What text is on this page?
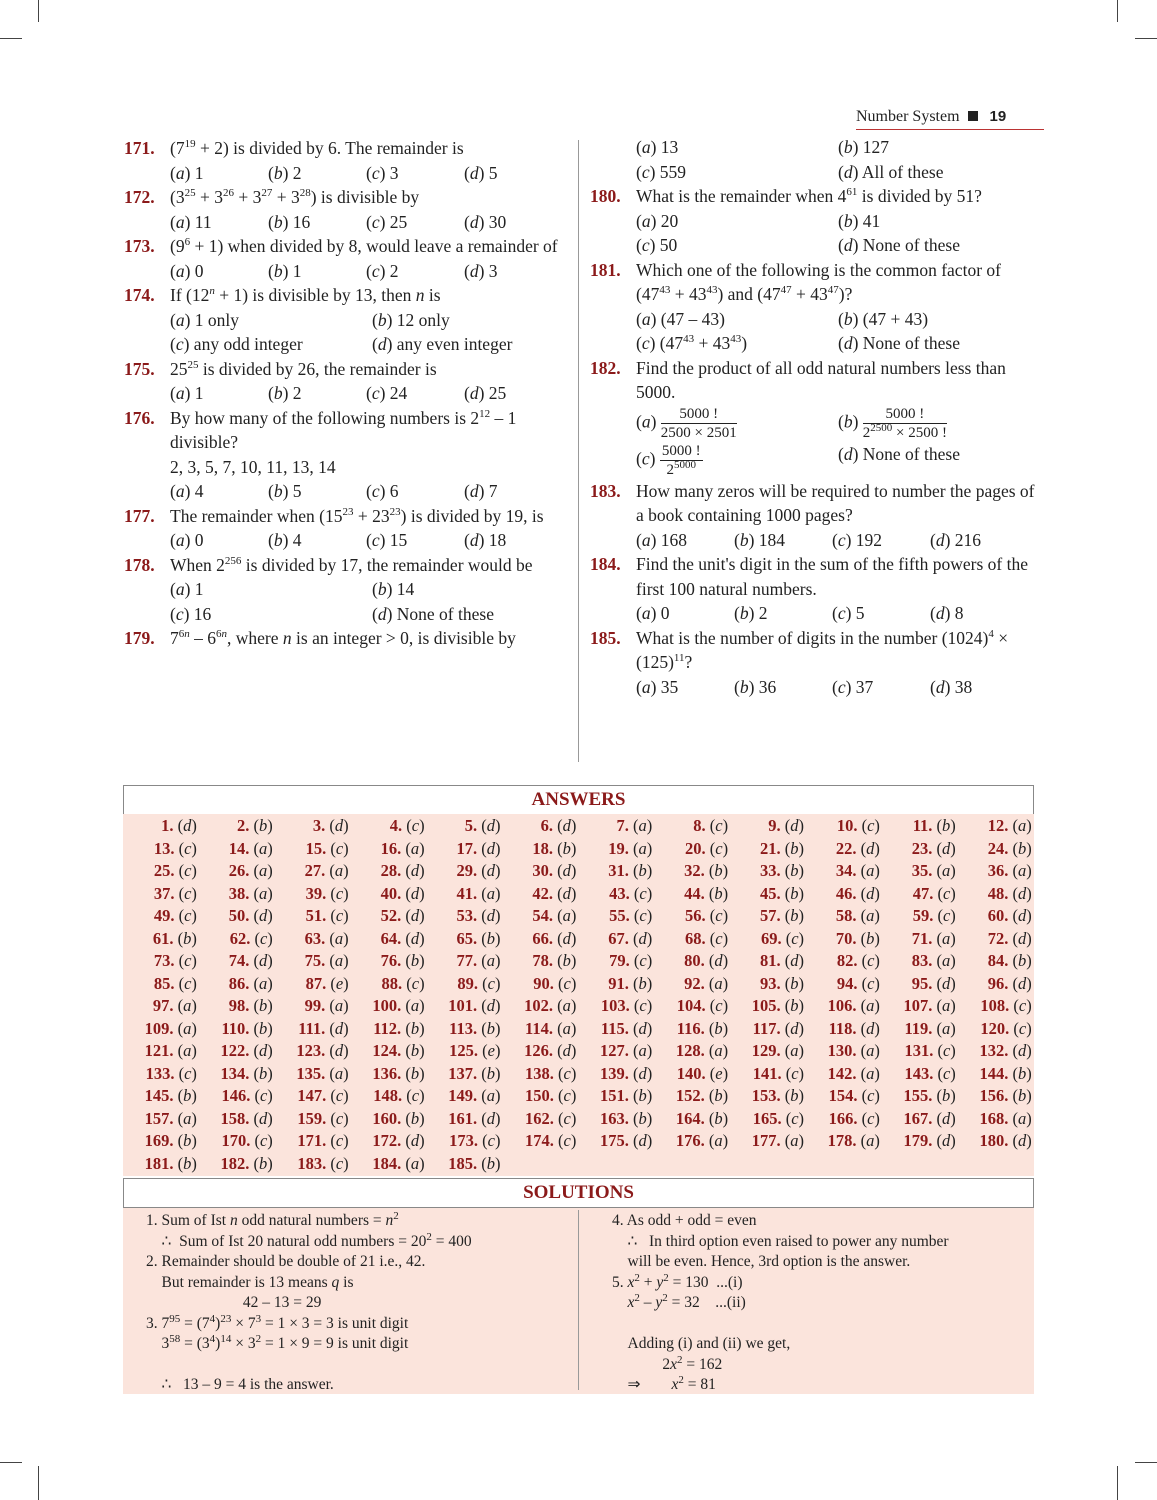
Number System 19
171. $(7^{19} + 2)$ is divided by 6. The remainder is
(a) 1	(b) 2	(c) 3	(d) 5
172. $(3^{25} + 3^{26} + 3^{27} + 3^{28})$ is divisible by
(a) 11	(b) 16	(c) 25	(d) 30
173. $(9^6 + 1)$ when divided by 8, would leave a remainder of
(a) 0	(b) 1	(c) 2	(d) 3
174. If $(12^n + 1)$ is divisible by 13, then n is
(a) 1 only	(b) 12 only
(c) any odd integer	(d) any even integer
175. $25^{25}$ is divided by 26, the remainder is
(a) 1	(b) 2	(c) 24	(d) 25
176. By how many of the following numbers is $2^{12} - 1$ divisible?
2, 3, 5, 7, 10, 11, 13, 14
(a) 4	(b) 5	(c) 6	(d) 7
177. The remainder when $(15^{23} + 23^{23})$ is divided by 19, is
(a) 0	(b) 4	(c) 15	(d) 18
178. When $2^{256}$ is divided by 17, the remainder would be
(a) 1	(b) 14
(c) 16	(d) None of these
179. $7^{6n} - 6^{6n}$, where n is an integer > 0, is divisible by
(a) 13	(b) 127
(c) 559	(d) All of these
180. What is the remainder when $4^{61}$ is divided by 51?
(a) 20	(b) 41
(c) 50	(d) None of these
181. Which one of the following is the common factor of $(47^{43} + 43^{43})$ and $(47^{47} + 43^{47})$?
(a) (47 – 43)	(b) (47 + 43)
(c) $(47^{43} + 43^{43})$	(d) None of these
182. Find the product of all odd natural numbers less than 5000.
$(a) \frac{5000 !}{2500 \times 2501}$	$(b) \frac{5000 !}{2^{2500} \times 2500 !}$
$(c) \frac{5000 !}{2^{5000}}$	(d) None of these
183. How many zeros will be required to number the pages of a book containing 1000 pages?
(a) 168	(b) 184	(c) 192	(d) 216
184. Find the unit's digit in the sum of the fifth powers of the first 100 natural numbers.
(a) 0	(b) 2	(c) 5	(d) 8
185. What is the number of digits in the number $(1024)^4 \times (125)^{11}$?
(a) 35	(b) 36	(c) 37	(d) 38
ANSWERS
1. (d)	2. (b)	3. (d)	4. (c)	5. (d)	6. (d)	7. (a)	8. (c)	9. (d)	10. (c)	11. (b)	12. (a)
13. (c)	14. (a)	15. (c)	16. (a)	17. (d)	18. (b)	19. (a)	20. (c)	21. (b)	22. (d)	23. (d)	24. (b)
25. (c)	26. (a)	27. (a)	28. (d)	29. (d)	30. (d)	31. (b)	32. (b)	33. (b)	34. (a)	35. (a)	36. (a)
37. (c)	38. (a)	39. (c)	40. (d)	41. (a)	42. (d)	43. (c)	44. (b)	45. (b)	46. (d)	47. (c)	48. (d)
49. (c)	50. (d)	51. (c)	52. (d)	53. (d)	54. (a)	55. (c)	56. (c)	57. (b)	58. (a)	59. (c)	60. (d)
61. (b)	62. (c)	63. (a)	64. (d)	65. (b)	66. (d)	67. (d)	68. (c)	69. (c)	70. (b)	71. (a)	72. (d)
73. (c)	74. (d)	75. (a)	76. (b)	77. (a)	78. (b)	79. (c)	80. (d)	81. (d)	82. (c)	83. (a)	84. (b)
85. (c)	86. (a)	87. (e)	88. (c)	89. (c)	90. (c)	91. (b)	92. (a)	93. (b)	94. (c)	95. (d)	96. (d)
97. (a)	98. (b)	99. (a)	100. (a)	101. (d)	102. (a)	103. (c)	104. (c)	105. (b)	106. (a)	107. (a)	108. (c)
109. (a)	110. (b)	111. (d)	112. (b)	113. (b)	114. (a)	115. (d)	116. (b)	117. (d)	118. (d)	119. (a)	120. (c)
121. (a)	122. (d)	123. (d)	124. (b)	125. (e)	126. (d)	127. (a)	128. (a)	129. (a)	130. (a)	131. (c)	132. (d)
133. (c)	134. (b)	135. (a)	136. (b)	137. (b)	138. (c)	139. (d)	140. (e)	141. (c)	142. (a)	143. (c)	144. (b)
145. (b)	146. (c)	147. (c)	148. (c)	149. (a)	150. (c)	151. (b)	152. (b)	153. (b)	154. (c)	155. (b)	156. (b)
157. (a)	158. (d)	159. (c)	160. (b)	161. (d)	162. (c)	163. (b)	164. (b)	165. (c)	166. (c)	167. (d)	168. (a)
169. (b)	170. (c)	171. (c)	172. (d)	173. (c)	174. (c)	175. (d)	176. (a)	177. (a)	178. (a)	179. (d)	180. (d)
181. (b)	182. (b)	183. (c)	184. (a)	185. (b)
SOLUTIONS
1. Sum of Ist n odd natural numbers = $n^2$
∴  Sum of Ist 20 natural odd numbers = $20^2 = 400$
2. Remainder should be double of 21 i.e., 42.
But remainder is 13 means q is
42 – 13 = 29
3. $7^{95} = (7^4)^{23} \times 7^3 = 1 \times 3 = 3$ is unit digit
$3^{58} = (3^4)^{14} \times 3^2 = 1 \times 9 = 9$ is unit digit

∴   13 – 9 = 4 is the answer.
4. As odd + odd = even
∴   In third option even raised to power any number
will be even. Hence, 3rd option is the answer.
5. $x^2 + y^2 = 130$  ...(i)
$x^2 - y^2 = 32$    ...(ii)

Adding (i) and (ii) we get,
$2x^2 = 162$
⇒        $x^2 = 81$
